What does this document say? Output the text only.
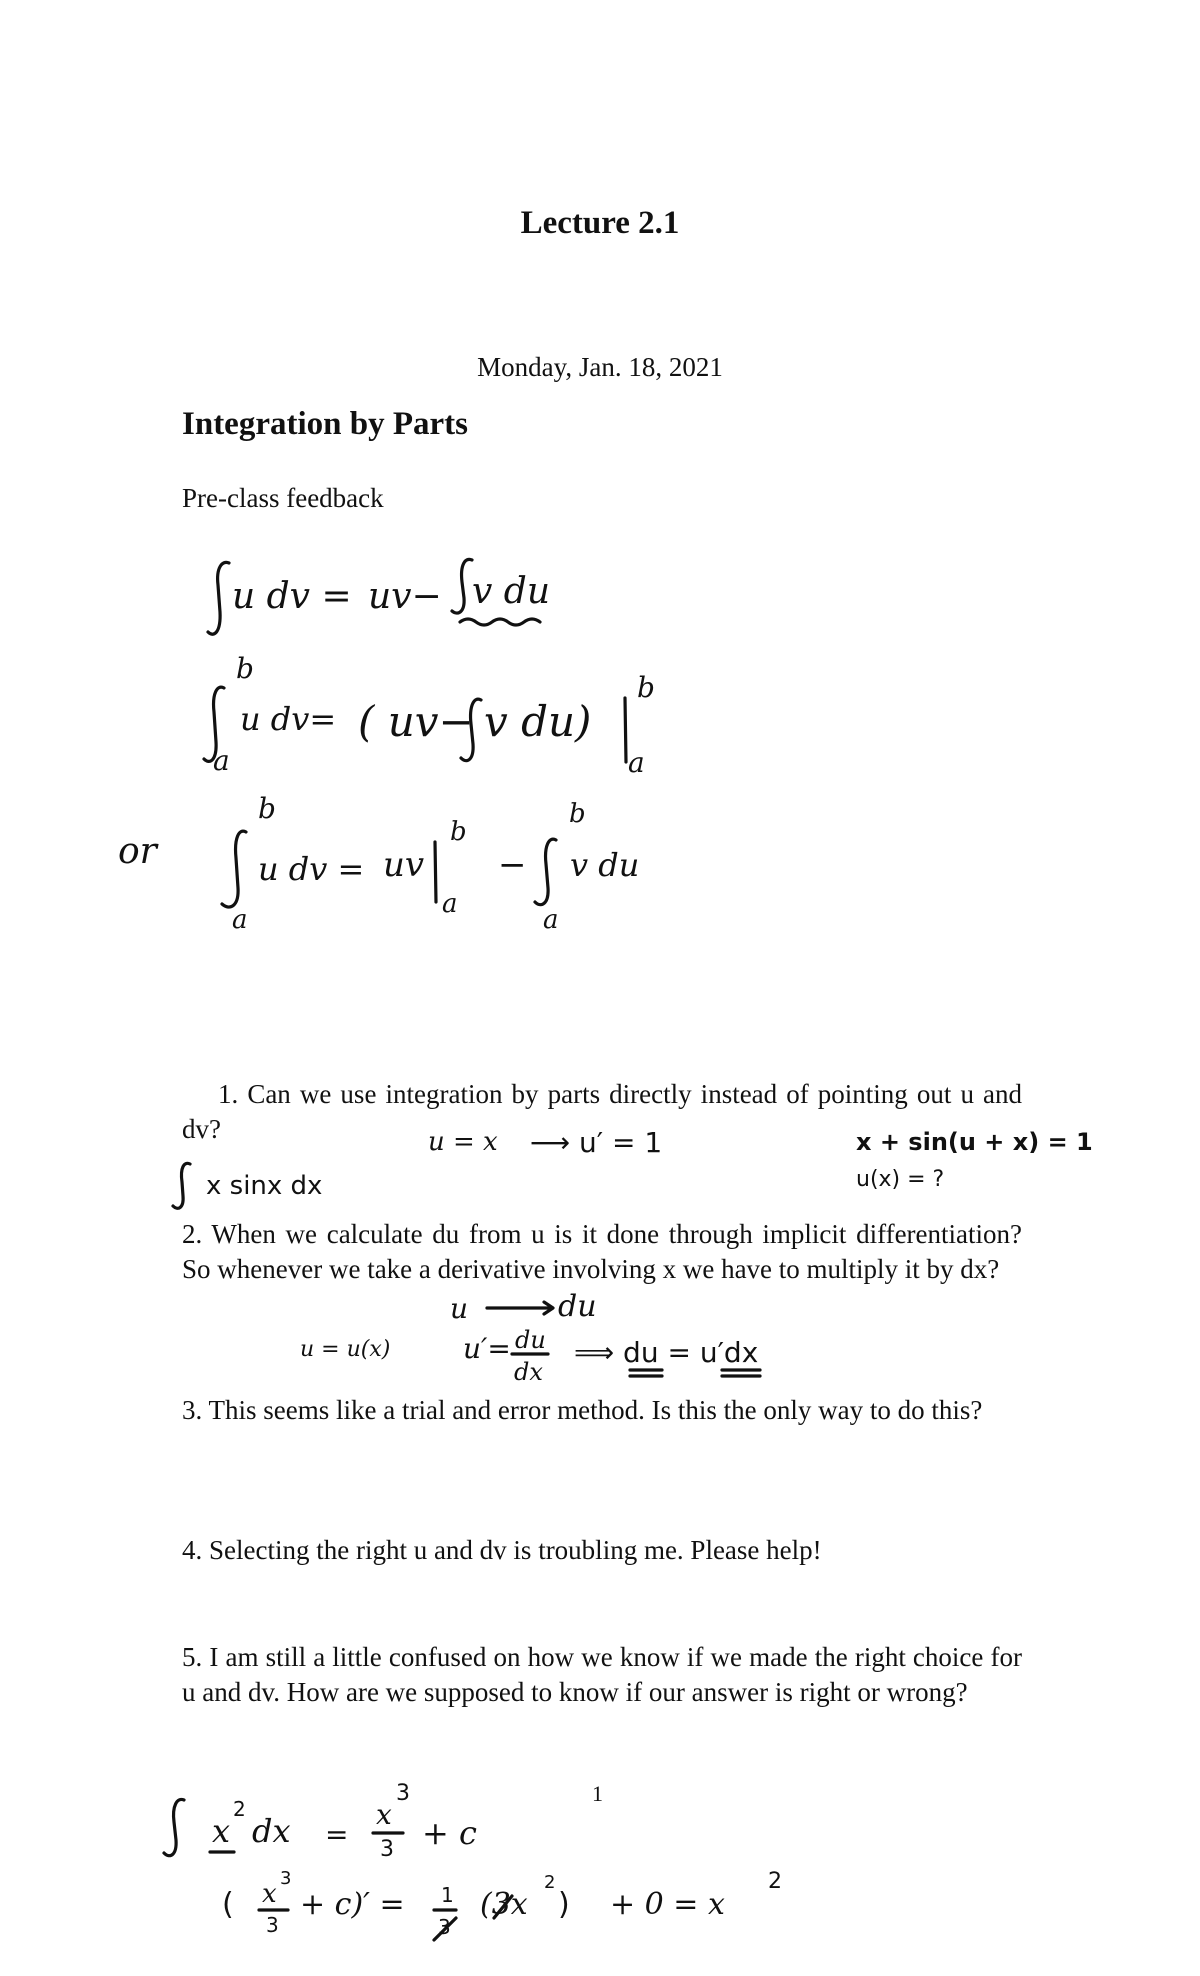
Lecture 2.1
Monday, Jan. 18, 2021
Integration by Parts
Pre-class feedback
1. Can we use integration by parts directly instead of pointing out u and dv?
2. When we calculate du from u is it done through implicit differentiation? So whenever we take a derivative involving x we have to multiply it by dx?
3. This seems like a trial and error method. Is this the only way to do this?
4. Selecting the right u and dv is troubling me. Please help!
5. I am still a little confused on how we know if we made the right choice for u and dv. How are we supposed to know if our answer is right or wrong?
1
u dv = uv− v du
b
a
u dv= ( uv− v du)
b
a
or
b
a
u dv = uv
b
a
−
b
a
v du
x sinx dx
u = x ⟶ u′ = 1	x + sin(u + x) = 1
u(x) = ?
u	du
u = u(x)	u′= du
dx
⟹ du = u′dx
x
2
dx =
x
3
3 + c
( x
3
3
+ c)′ = 1
3
(3x
2
) + 0 = x
2
